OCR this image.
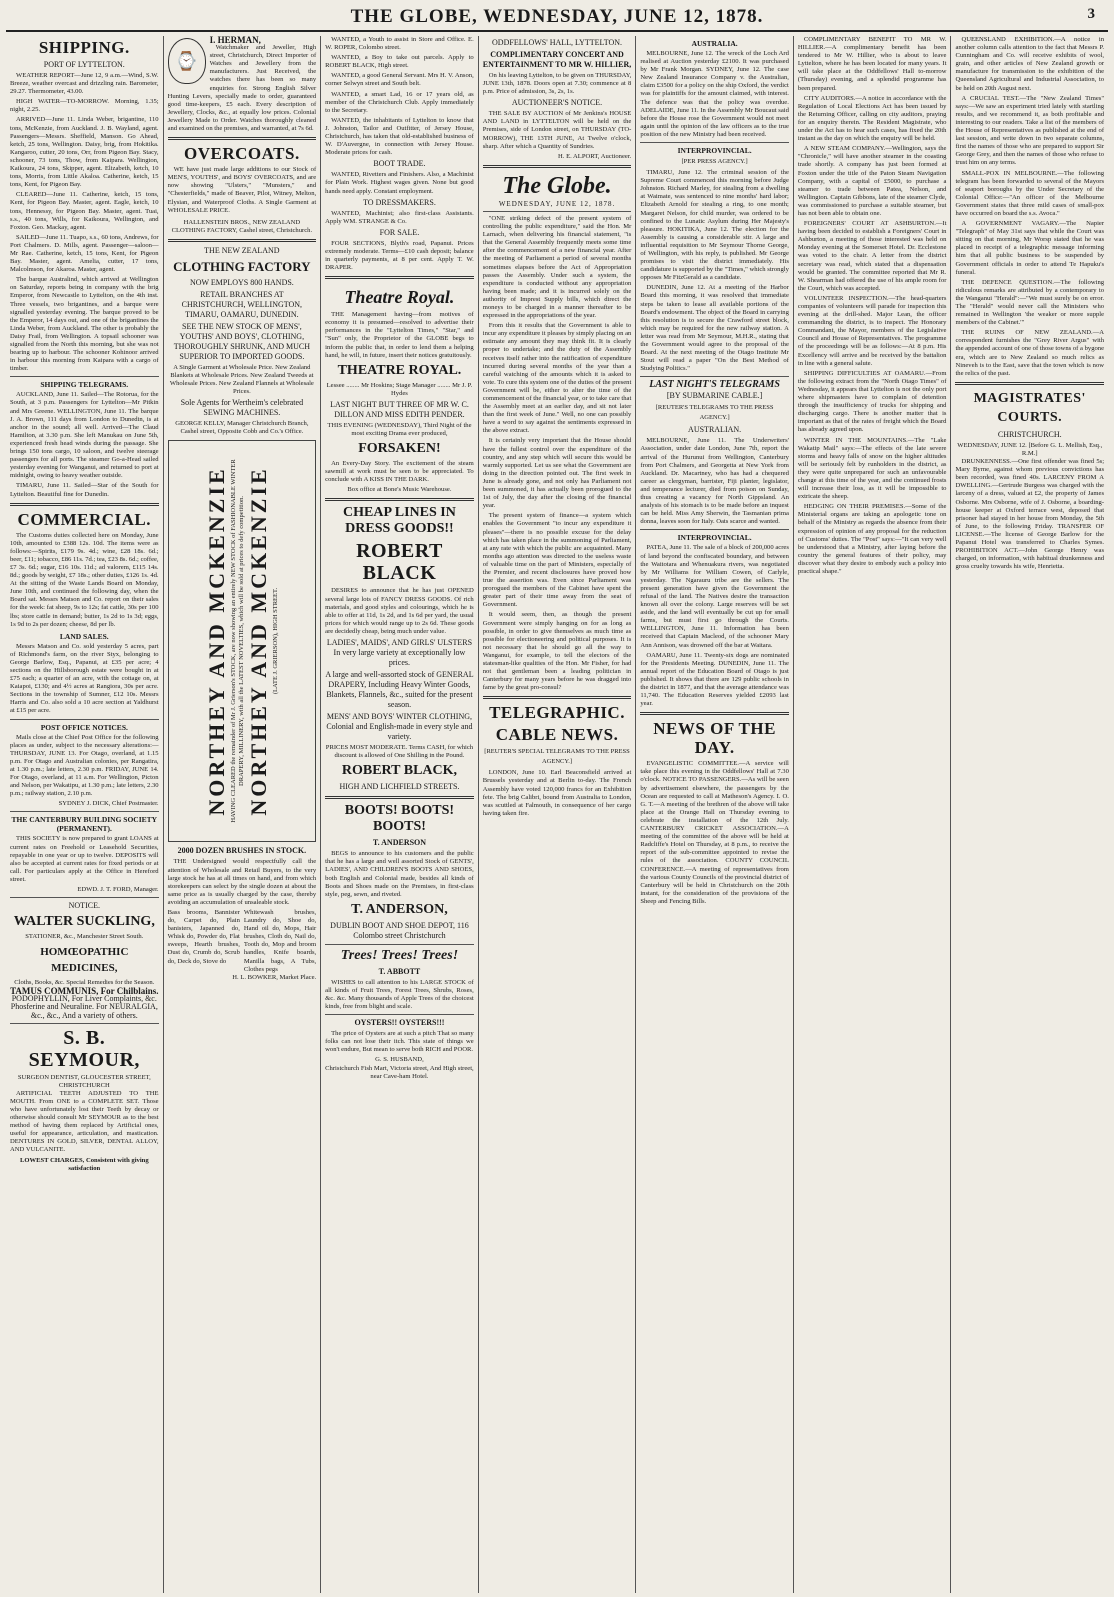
THE GLOBE, WEDNESDAY, JUNE 12, 1878.	3
SHIPPING.
PORT OF LYTTELTON.

WEATHER REPORT—June 12, 9 a.m.—Wind, S.W. Breeze, weather overcast and drizzling rain. Barometer, 29.27. Thermometer, 43.00.

HIGH WATER—TO-MORROW. Morning, 1.35; night, 2.25.

ARRIVED—June 11. Linda Weber, brigantine, 110 tons, McKenzie, from Auckland. J. B. Wayland, agent. Passengers—Messrs. Sheffield, Manson. Go Ahead, ketch, 25 tons, Wellington. Daisy, brig, from Hokitika. Kangaroo, cutter, 20 tons, Orr, from Pigeon Bay. Stacy, schooner, 73 tons, Thow, from Kaipara. Wellington, Kaikoura, 24 tons, Skipper, agent. Elizabeth, ketch, 10 tons, Morris, from Little Akaloa. Catherine, ketch, 15 tons, Kent, for Pigeon Bay.

CLEARED—June 11. Catherine, ketch, 15 tons, Kent, for Pigeon Bay. Master, agent. Eagle, ketch, 10 tons, Hennessy, for Pigeon Bay. Master, agent. Tuai, s.s., 40 tons, Wills, for Kaikoura, Wellington, and Foxton. Geo. Mackay, agent.

SAILED—June 11. Tuapo, s.s., 60 tons, Andrews, for Port Chalmers. D. Mills, agent. Passenger—saloon—Mr Rae. Catherine, ketch, 15 tons, Kent, for Pigeon Bay. Master, agent. Amelia, cutter, 17 tons, Malcolmson, for Akaroa. Master, agent.

The barque Australind, which arrived at Wellington on Saturday, reports being in company with the brig Emperor, from Newcastle to Lyttelton, on the 4th inst. Three vessels, two brigantines, and a barque were signalled yesterday evening. The barque proved to be the Emperor, 14 days out, and one of the brigantines the Linda Weber, from Auckland. The other is probably the Daisy Frail, from Wellington. A topsail schooner was signalled from the North this morning, but she was not bearing up to harbour. The schooner Kohinoor arrived in harbour this morning from Kaipara with a cargo of timber.

SHIPPING TELEGRAMS.

AUCKLAND, June 11. Sailed—The Rotorua, for the South, at 3 p.m. Passengers for Lyttelton—Mr Pitkin and Mrs Greene. WELLINGTON, June 11. The barque J. A. Brown, 111 days from London to Dunedin, is at anchor in the sound; all well. Arrived—The Claud Hamilton, at 3.30 p.m. She left Manukau on June 5th, experienced fresh head winds during the passage. She brings 150 tons cargo, 10 saloon, and twelve steerage passengers for all ports. The steamer Go-a-Head sailed yesterday evening for Wanganui, and returned to port at midnight, owing to heavy weather outside.

TIMARU, June 11. Sailed—Star of the South for Lyttelton. Beautiful fine for Dunedin.

COMMERCIAL.

The Customs duties collected here on Monday, June 10th, amounted to £388 12s. 10d. The items were as follows:—Spirits, £179 9s. 4d.; wine, £28 18s. 6d.; beer, £11; tobacco, £86 11s. 7d.; tea, £23 8s. 6d.; coffee, £7 3s. 6d.; sugar, £16 10s. 11d.; ad valorem, £115 14s. 8d.; goods by weight, £7 18s.; other duties, £126 1s. 4d. At the sitting of the Waste Lands Board on Monday, June 10th, and continued the following day, when the Board sat. Messrs Matson and Co. report on their sales for the week: fat sheep, 9s to 12s; fat cattle, 30s per 100 lbs; store cattle in demand; butter, 1s 2d to 1s 3d; eggs, 1s 9d to 2s per dozen; cheese, 8d per lb.

LAND SALES.

Messrs Matson and Co. sold yesterday 5 acres, part of Richmond's farm, on the river Styx, belonging to George Barlow, Esq., Papanui, at £35 per acre; 4 sections on the Hillsborough estate were bought in at £75 each; a quarter of an acre, with the cottage on, at Kaiapoi, £130; and 4½ acres at Rangiora, 30s per acre. Sections in the township of Sumner, £12 10s. Messrs Harris and Co. also sold a 10 acre section at Yaldhurst at £15 per acre.

POST OFFICE NOTICES.

Mails close at the Chief Post Office for the following places as under, subject to the necessary alterations:—THURSDAY, JUNE 13. For Otago, overland, at 1.15 p.m. For Otago and Australian colonies, per Rangatira, at 1.30 p.m.; late letters, 2.30 p.m. FRIDAY, JUNE 14. For Otago, overland, at 11 a.m. For Wellington, Picton and Nelson, per Wakatipu, at 1.30 p.m.; late letters, 2.30 p.m.; railway station, 2.10 p.m.

SYDNEY J. DICK, Chief Postmaster.
THE CANTERBURY BUILDING SOCIETY (PERMANENT).

THIS SOCIETY is now prepared to grant LOANS at current rates on Freehold or Leasehold Securities, repayable in one year or up to twelve. DEPOSITS will also be accepted at current rates for fixed periods or at call. For particulars apply at the Office in Hereford street.

EDWD. J. T. FORD, Manager.
NOTICE.
WALTER SUCKLING,
STATIONER, &c., Manchester Street South.
HOMŒOPATHIC MEDICINES,
Cloths, Books, &c. Special Remedies for the Season.
TAMUS COMMUNIS, For Chilblains.
PODOPHYLLIN, For Liver Complaints, &c. Phosferine and Neuraline. For NEURALGIA, &c., &c., And a variety of others.
S. B. SEYMOUR,
SURGEON DENTIST, GLOUCESTER STREET, CHRISTCHURCH

ARTIFICIAL TEETH ADJUSTED TO THE MOUTH. From ONE to a COMPLETE SET. Those who have unfortunately lost their Teeth by decay or otherwise should consult Mr SEYMOUR as to the best method of having them replaced by Artificial ones, useful for appearance, articulation, and mastication. DENTURES IN GOLD, SILVER, DENTAL ALLOY, AND VULCANITE.

LOWEST CHARGES, Consistent with giving satisfaction
⌚
I. HERMAN,

Watchmaker and Jeweller, High street, Christchurch, Direct Importer of Watches and Jewellery from the manufacturers. Just Received, the watches there has been so many enquiries for. Strong English Silver Hunting Levers, specially made to order, guaranteed good time-keepers, £5 each. Every description of Jewellery, Clocks, &c., at equally low prices. Colonial Jewellery Made to Order. Watches thoroughly cleaned and examined on the premises, and warranted, at 7s 6d.

OVERCOATS.

WE have just made large additions to our Stock of MEN'S, YOUTHS', and BOYS' OVERCOATS, and are now showing "Ulsters," "Munsters," and "Chesterfields," made of Beaver, Pilot, Witney, Melton, Elysian, and Waterproof Cloths. A Single Garment at WHOLESALE PRICE.

HALLENSTEIN BROS., NEW ZEALAND CLOTHING FACTORY, Cashel street, Christchurch.
THE NEW ZEALAND
CLOTHING FACTORY
NOW EMPLOYS 800 HANDS.
RETAIL BRANCHES AT CHRISTCHURCH, WELLINGTON, TIMARU, OAMARU, DUNEDIN.
SEE THE NEW STOCK OF MENS', YOUTHS' AND BOYS', CLOTHING, THOROUGHLY SHRUNK, AND MUCH SUPERIOR TO IMPORTED GOODS.
A Single Garment at Wholesale Price. New Zealand Blankets at Wholesale Prices. New Zealand Tweeds at Wholesale Prices. New Zealand Flannels at Wholesale Prices.
Sole Agents for Wertheim's celebrated SEWING MACHINES.
GEORGE KELLY, Manager Christchurch Branch, Cashel street, Opposite Cobb and Co.'s Office.
NORTHEY AND MCKENZIE HAVING CLEARED the remainder of Mr J. Grierson's STOCK, are now showing an entirely NEW STOCK of FASHIONABLE WINTER DRAPERY, MILLINERY, with all the LATEST NOVELTIES, which will be sold at prices to defy competition. NORTHEY AND MCKENZIE (LATE J. GRIERSON), HIGH STREET.
2000 DOZEN BRUSHES IN STOCK.

THE Undersigned would respectfully call the attention of Wholesale and Retail Buyers, to the very large stock he has at all times on hand, and from which storekeepers can select by the single dozen at about the same price as is usually charged by the case, thereby avoiding an accumulation of unsaleable stock.

Bass brooms, Bannister do, Carpet do, Plain banisters, Japanned do, Whisk do, Powder do, Flat sweeps, Hearth brushes, Dust do, Crumb do, Scrub do, Deck do, Stove do
Whitewash brushes, Laundry do, Shoe do, Hand oil do, Mops, Hair brushes, Cloth do, Nail do, Tooth do, Mop and broom handles, Knife boards, Manilla bags, A Tubs, Clothes pegs
H. L. BOWKER, Market Place.

WANTED, a Youth to assist in Store and Office. E. W. ROPER, Colombo street.

WANTED, a Boy to take out parcels. Apply to ROBERT BLACK, High street.

WANTED, a good General Servant. Mrs H. V. Anson, corner Selwyn street and South belt.

WANTED, a smart Lad, 16 or 17 years old, as member of the Christchurch Club. Apply immediately to the Secretary.

WANTED, the inhabitants of Lyttelton to know that J. Johnston, Tailor and Outfitter, of Jersey House, Christchurch, has taken that old-established business of W. D'Auvergne, in connection with Jersey House. Moderate prices for cash.

BOOT TRADE.

WANTED, Rivetters and Finishers. Also, a Machinist for Plain Work. Highest wages given. None but good hands need apply. Constant employment.

TO DRESSMAKERS.

WANTED, Machinist; also first-class Assistants. Apply WM. STRANGE & Co.

FOR SALE.

FOUR SECTIONS, Blyth's road, Papanui. Prices extremely moderate. Terms—£10 cash deposit; balance in quarterly payments, at 8 per cent. Apply T. W. DRAPER.

Theatre Royal.

THE Management having—from motives of economy it is presumed—resolved to advertise their performances in the "Lyttelton Times," "Star," and "Sun" only, the Proprietor of the GLOBE begs to inform the public that, in order to lend them a helping hand, he will, in future, insert their notices gratuitously.

THEATRE ROYAL.
Lessee ........ Mr Hoskins; Stage Manager ........ Mr J. P. Hydes
LAST NIGHT BUT THREE OF MR W. C. DILLON AND MISS EDITH PENDER.
THIS EVENING (WEDNESDAY), Third Night of the most exciting Drama ever produced,
FORSAKEN!

An Every-Day Story. The excitement of the steam sawmill at work must be seen to be appreciated. To conclude with A KISS IN THE DARK.

Box office at Bone's Music Warehouse.
CHEAP LINES IN DRESS GOODS!!
ROBERT BLACK

DESIRES to announce that he has just OPENED several large lots of FANCY DRESS GOODS. Of rich materials, and good styles and colourings, which he is able to offer at 11d, 1s 2d, and 1s 6d per yard, the usual prices for which would range up to 2s 6d. These goods are decidedly cheap, being much under value.

LADIES', MAIDS', AND GIRLS' ULSTERS In very large variety at exceptionally low prices.
A large and well-assorted stock of GENERAL DRAPERY, Including Heavy Winter Goods, Blankets, Flannels, &c., suited for the present season.
MENS' AND BOYS' WINTER CLOTHING, Colonial and English-made in every style and variety.
PRICES MOST MODERATE. Terms CASH, for which discount is allowed of One Shilling in the Pound.
ROBERT BLACK,
HIGH AND LICHFIELD STREETS.
BOOTS! BOOTS! BOOTS!
T. ANDERSON

BEGS to announce to his customers and the public that he has a large and well assorted Stock of GENTS', LADIES', AND CHILDREN'S BOOTS AND SHOES, both English and Colonial made, besides all kinds of Boots and Shoes made on the Premises, in first-class style, peg, sewn, and riveted.

T. ANDERSON,
DUBLIN BOOT AND SHOE DEPOT, 116 Colombo street Christchurch
Trees! Trees! Trees!
T. ABBOTT

WISHES to call attention to his LARGE STOCK of all kinds of Fruit Trees, Forest Trees, Shrubs, Roses, &c. &c. Many thousands of Apple Trees of the choicest kinds, free from blight and scale.

OYSTERS!! OYSTERS!!!

The price of Oysters are at such a pitch That so many folks can not lose their itch. This state of things we won't endure, But mean to serve both RICH and POOR.

G. S. HUSBAND,
Christchurch Fish Mart, Victoria street, And High street, near Cave-ham Hotel.
ODDFELLOWS' HALL, LYTTELTON.
COMPLIMENTARY CONCERT AND ENTERTAINMENT TO MR W. HILLIER,

On his leaving Lyttelton, to be given on THURSDAY, JUNE 13th, 1878. Doors open at 7.30; commence at 8 p.m. Price of admission, 3s, 2s, 1s.

AUCTIONEER'S NOTICE.

THE SALE BY AUCTION of Mr Jenkins's HOUSE AND LAND in LYTTELTON will be held on the Premises, side of London street, on THURSDAY (TO-MORROW), THE 13TH JUNE, At Twelve o'clock, sharp. After which a Quantity of Sundries.

H. E. ALPORT, Auctioneer.
The Globe.
WEDNESDAY, JUNE 12, 1878.

"ONE striking defect of the present system of controlling the public expenditure," said the Hon. Mr Larnach, when delivering his financial statement, "is that the General Assembly frequently meets some time after the commencement of a new financial year. After the meeting of Parliament a period of several months sometimes elapses before the Act of Appropriation passes the Assembly. Under such a system, the expenditure is conducted without any appropriation having been made; and it is incurred solely on the authority of Imprest Supply bills, which direct the moneys to be charged in a manner thereafter to be expressed in the appropriations of the year.

From this it results that the Government is able to incur any expenditure it pleases by simply placing on an estimate any amount they may think fit. It is clearly proper to undertake; and the duty of the Assembly receives itself rather into the ratification of expenditure incurred during several months of the year than a careful watching of the amounts which it is asked to vote. To cure this system one of the duties of the present Government will be, either to alter the time of the commencement of the financial year, or to take care that the Assembly meet at an earlier day, and sit not later than the first week of June." Well, no one can possibly have a word to say against the sentiments expressed in the above extract.

It is certainly very important that the House should have the fullest control over the expenditure of the country, and any step which will secure this would be warmly supported. Let us see what the Government are doing in the direction pointed out. The first week in June is already gone, and not only has Parliament not been summoned, it has actually been prorogued to the 1st of July, the day after the closing of the financial year.

The present system of finance—a system which enables the Government "to incur any expenditure it pleases"—there is no possible excuse for the delay which has taken place in the summoning of Parliament, at any rate with which the public are acquainted. Many months ago attention was directed to the useless waste of valuable time on the part of Ministers, especially of the Premier, and recent disclosures have proved how true the assertion was. Even since Parliament was prorogued the members of the Cabinet have spent the greater part of their time away from the seat of Government.

It would seem, then, as though the present Government were simply hanging on for as long as possible, in order to give themselves as much time as possible for electioneering and political purposes. It is not necessary that he should go all the way to Wanganui, for example, to tell the electors of the statesman-like qualities of the Hon. Mr Fisher, for had not that gentleman been a leading politician in Canterbury for many years before he was dragged into fame by the great pro-consul?

TELEGRAPHIC.
CABLE NEWS.
[REUTER'S SPECIAL TELEGRAMS TO THE PRESS AGENCY.]

LONDON, June 10. Earl Beaconsfield arrived at Brussels yesterday and at Berlin to-day. The French Assembly have voted 120,000 francs for an Exhibition fete. The brig Calibri, bound from Australia to London, was scuttled at Falmouth, in consequence of her cargo having taken fire.

AUSTRALIA.

MELBOURNE, June 12. The wreck of the Loch Ard realised at Auction yesterday £2100. It was purchased by Mr Frank Morgan. SYDNEY, June 12. The case New Zealand Insurance Company v. the Australian, claim £3500 for a policy on the ship Oxford, the verdict was for plaintiffs for the amount claimed, with interest. The defence was that the policy was overdue. ADELAIDE, June 11. In the Assembly Mr Boucaut said before the House rose the Government would not meet again until the opinion of the law officers as to the true position of the new Ministry had been received.

INTERPROVINCIAL.
[PER PRESS AGENCY.]

TIMARU, June 12. The criminal session of the Supreme Court commenced this morning before Judge Johnston. Richard Marley, for stealing from a dwelling at Waimate, was sentenced to nine months' hard labor; Elizabeth Arnold for stealing a ring, to one month; Margaret Nelson, for child murder, was ordered to be confined to the Lunatic Asylum during Her Majesty's pleasure. HOKITIKA, June 12. The election for the Assembly is causing a considerable stir. A large and influential requisition to Mr Seymour Thorne George, of Wellington, with his reply, is published. Mr George promises to visit the district immediately. His candidature is supported by the "Times," which strongly opposes Mr FitzGerald as a candidate.

DUNEDIN, June 12. At a meeting of the Harbor Board this morning, it was resolved that immediate steps be taken to lease all available portions of the Board's endowment. The object of the Board in carrying this resolution is to secure the Crawford street block, which may be required for the new railway station. A letter was read from Mr Seymour, M.H.R., stating that the Government would agree to the proposal of the Board. At the next meeting of the Otago Institute Mr Stout will read a paper "On the Best Method of Studying Politics."

LAST NIGHT'S TELEGRAMS
[BY SUBMARINE CABLE.]
[REUTER'S TELEGRAMS TO THE PRESS AGENCY.]
AUSTRALIAN.

MELBOURNE, June 11. The Underwriters' Association, under date London, June 7th, report the arrival of the Hurunui from Wellington, Canterbury from Port Chalmers, and Georgetta at New York from Auckland. Dr. Macartney, who has had a chequered career as clergyman, barrister, Fiji planter, legislator, and temperance lecturer, died from poison on Sunday, thus creating a vacancy for North Gippsland. An analysis of his stomach is to be made before an inquest can be held. Miss Amy Sherwin, the Tasmanian prima donna, leaves soon for Italy. Oats scarce and wanted.

INTERPROVINCIAL.

PATEA, June 11. The sale of a block of 200,000 acres of land beyond the confiscated boundary, and between the Waitotara and Whenuakura rivers, was negotiated by Mr Williams for William Cowen, of Carlyle, yesterday. The Ngarauru tribe are the sellers. The present generation have given the Government the refusal of the land. The Natives desire the transaction known all over the colony. Large reserves will be set aside, and the land will eventually be cut up for small farms, but must first go through the Courts. WELLINGTON, June 11. Information has been received that Captain Macleod, of the schooner Mary Ann Annison, was drowned off the bar at Waitara.

OAMARU, June 11. Twenty-six dogs are nominated for the Presidents Meeting. DUNEDIN, June 11. The annual report of the Education Board of Otago is just published. It shows that there are 129 public schools in the district in 1877, and that the average attendance was 11,740. The Education Reserves yielded £2093 last year.

NEWS OF THE DAY.

EVANGELISTIC COMMITTEE.—A service will take place this evening in the Oddfellows' Hall at 7.30 o'clock. NOTICE TO PASSENGERS.—As will be seen by advertisement elsewhere, the passengers by the Ocean are requested to call at Matheson's Agency. I. O. G. T.—A meeting of the brethren of the above will take place at the Orange Hall on Thursday evening to celebrate the installation of the 12th July. CANTERBURY CRICKET ASSOCIATION.—A meeting of the committee of the above will be held at Radcliffe's Hotel on Thursday, at 8 p.m., to receive the report of the sub-committee appointed to revise the rules of the association. COUNTY COUNCIL CONFERENCE.—A meeting of representatives from the various County Councils of the provincial district of Canterbury will be held in Christchurch on the 20th instant, for the consideration of the provisions of the Sheep and Fencing Bills.

COMPLIMENTARY BENEFIT TO MR W. HILLIER.—A complimentary benefit has been tendered to Mr W. Hillier, who is about to leave Lyttelton, where he has been located for many years. It will take place at the Oddfellows' Hall to-morrow (Thursday) evening, and a splendid programme has been prepared.

CITY AUDITORS.—A notice in accordance with the Regulation of Local Elections Act has been issued by the Returning Officer, calling on city auditors, praying for an enquiry therein. The Resident Magistrate, who under the Act has to hear such cases, has fixed the 20th instant as the day on which the enquiry will be held.

A NEW STEAM COMPANY.—Wellington, says the "Chronicle," will have another steamer in the coasting trade shortly. A company has just been formed at Foxton under the title of the Paton Steam Navigation Company, with a capital of £5000, to purchase a steamer to trade between Patea, Nelson, and Wellington. Captain Gibbons, late of the steamer Clyde, was commissioned to purchase a suitable steamer, but has not been able to obtain one.

FOREIGNERS' COURT AT ASHBURTON.—It having been decided to establish a Foreigners' Court in Ashburton, a meeting of those interested was held on Monday evening at the Somerset Hotel. Dr. Ecclestone was voted to the chair. A letter from the district secretary was read, which stated that a dispensation would be granted. The committee reported that Mr R. W. Shearman had offered the use of his ample room for the Court, which was accepted.

VOLUNTEER INSPECTION.—The head-quarters companies of volunteers will parade for inspection this evening at the drill-shed. Major Lean, the officer commanding the district, is to inspect. The Honorary Commandant, the Mayor, members of the Legislative Council and House of Representatives. The programme of the proceedings will be as follows:—At 8 p.m. His Excellency will arrive and be received by the battalion in line with a general salute.

SHIPPING DIFFICULTIES AT OAMARU.—From the following extract from the "North Otago Times" of Wednesday, it appears that Lyttelton is not the only port where shipmasters have to complain of detention through the insufficiency of trucks for shipping and discharging cargo. There is another matter that is important as that of the rates of freight which the Board has already agreed upon.

WINTER IN THE MOUNTAINS.—The "Lake Wakatip Mail" says:—The effects of the late severe storms and heavy falls of snow on the higher altitudes will be seriously felt by runholders in the district, as they were quite unprepared for such an unfavourable change at this time of the year, and the continued frosts will increase their loss, as it will be impossible to extricate the sheep.

HEDGING ON THEIR PREMISES.—Some of the Ministerial organs are taking an apologetic tone on behalf of the Ministry as regards the absence from their expression of opinion of any proposal for the reduction of Customs' duties. The "Post" says:—"It can very well be understood that a Ministry, after laying before the country the general features of their policy, may discover what they desire to embody such a policy into practical shape."

QUEENSLAND EXHIBITION.—A notice in another column calls attention to the fact that Messrs P. Cunningham and Co. will receive exhibits of wool, grain, and other articles of New Zealand growth or manufacture for transmission to the exhibition of the Queensland Agricultural and Industrial Association, to be held on 20th August next.

A CRUCIAL TEST.—The "New Zealand Times" says:—We saw an experiment tried lately with startling results, and we recommend it, as both profitable and interesting to our readers. Take a list of the members of the House of Representatives as published at the end of last session, and write down in two separate columns, first the names of those who are prepared to support Sir George Grey, and then the names of those who refuse to trust him on any terms.

SMALL-POX IN MELBOURNE.—The following telegram has been forwarded to several of the Mayors of seaport boroughs by the Under Secretary of the Colonial Office:—"An officer of the Melbourne Government states that three mild cases of small-pox have occurred on board the s.s. Avoca."

A GOVERNMENT VAGARY.—The Napier "Telegraph" of May 31st says that while the Court was sitting on that morning, Mr Worsp stated that he was placed in receipt of a telegraphic message informing him that all public business to be suspended by Government officials in order to attend Te Hapuku's funeral.

THE DEFENCE QUESTION.—The following ridiculous remarks are attributed by a contemporary to the Wanganui "Herald":—"We must surely be on error. The "Herald" would never call the Ministers who remained in Wellington 'the weaker or more supple members of the Cabinet.'"

THE RUINS OF NEW ZEALAND.—A correspondent furnishes the "Grey River Argus" with the appended account of one of those towns of a bygone era, which are to New Zealand so much relics as Nineveh is to the East, save that the town which is now the relics of the past.

MAGISTRATES' COURTS.
CHRISTCHURCH.
WEDNESDAY, JUNE 12. [Before G. L. Mellish, Esq., R.M.]

DRUNKENNESS.—One first offender was fined 5s; Mary Byrne, against whom previous convictions has been recorded, was fined 40s. LARCENY FROM A DWELLING.—Gertrude Burgess was charged with the larceny of a dress, valued at £2, the property of James Osborne. Mrs Osborne, wife of J. Osborne, a boarding-house keeper at Oxford terrace west, deposed that prisoner had stayed in her house from Monday, the 5th of June, to the following Friday. TRANSFER OF LICENSE.—The license of George Barlow for the Papanui Hotel was transferred to Charles Symes. PROHIBITION ACT.—John George Henry was charged, on information, with habitual drunkenness and gross cruelty towards his wife, Henrietta.
